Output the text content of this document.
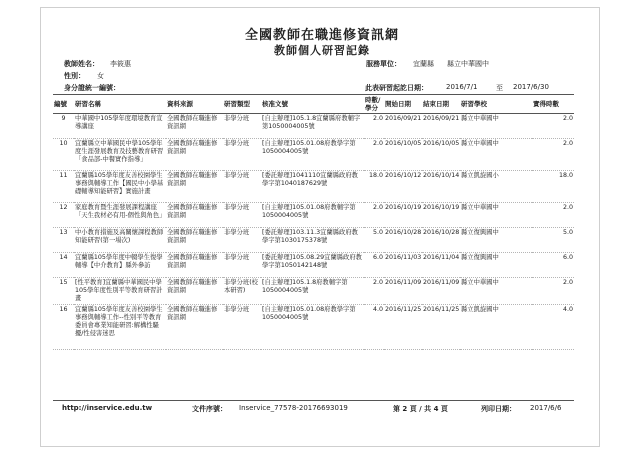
全國教師在職進修資訊網
教師個人研習記錄
教師姓名： 李筱惠	服務單位： 宜蘭縣 縣立中華國中
性別： 女
身分證統一編號：	此表研習起訖日期：	2016/7/1	至 2017/6/30
編號	研習名稱	資料來源	研習類型	核准文號	時數/學分	開始日期	結束日期	研習學校	實得時數
9	中華國中105學年度環境教育宣導講座	全國教師在職進修資訊網	非學分班	[自主辦理]105.1.8宜蘭縣府教輔字第1050004005號	2.0	2016/09/21	2016/09/21	縣立中華國中	2.0
10	宜蘭縣立中華國民中學105學年度生涯發展教育及技藝教育研習「食品部-中餐實作指導」	全國教師在職進修資訊網	非學分班	[自主辦理]105.01.08府教學字第1050004005號	2.0	2016/10/05	2016/10/05	縣立中華國中	2.0
11	宜蘭縣105學年度友善校園學生事務與輔導工作【國民中小學基礎輔導知能研習】實施計畫	全國教師在職進修資訊網	非學分班	[委託辦理]1041110宜蘭縣政府教學字第1040187629號	18.0	2016/10/12	2016/10/14	縣立凱旋國小	18.0
12	家庭教育暨生涯發展課程講座「天生我材必有用-個性與角色」	全國教師在職進修資訊網	非學分班	[自主辦理]105.01.08府教輔字第1050004005號	2.0	2016/10/19	2016/10/19	縣立中華國中	2.0
13	中小教育措施及高關懷課程教師知能研習(第一場次)	全國教師在職進修資訊網	非學分班	[委託辦理]103.11.3宜蘭縣政府教學字第1030175378號	5.0	2016/10/28	2016/10/28	縣立復興國中	5.0
14	宜蘭縣105學年度中輟學生復學輔導【中介教育】縣外參訪	全國教師在職進修資訊網	非學分班	[委託辦理]105.08.29宜蘭縣政府教學字第1050142148號	6.0	2016/11/03	2016/11/04	縣立復興國中	6.0
15	[性平教育]宜蘭縣中華國民中學105學年度性別平等教育研習計畫	全國教師在職進修資訊網	非學分班(校本研習)	[自主辦理]105.1.8府教輔字第1050004005號	2.0	2016/11/09	2016/11/09	縣立中華國中	2.0
16	宜蘭縣105學年度友善校園學生事務與輔導工作--性別平等教育委員會專業知能研習:解構性騷擾/性侵害迷思	全國教師在職進修資訊網	非學分班	[自主辦理]105.01.08府教學字第1050004005號	4.0	2016/11/25	2016/11/25	縣立凱旋國中	4.0
http://inservice.edu.tw	文件序號： Inservice_77578-20176693019	第 2 頁 / 共 4 頁	列印日期： 2017/6/6
